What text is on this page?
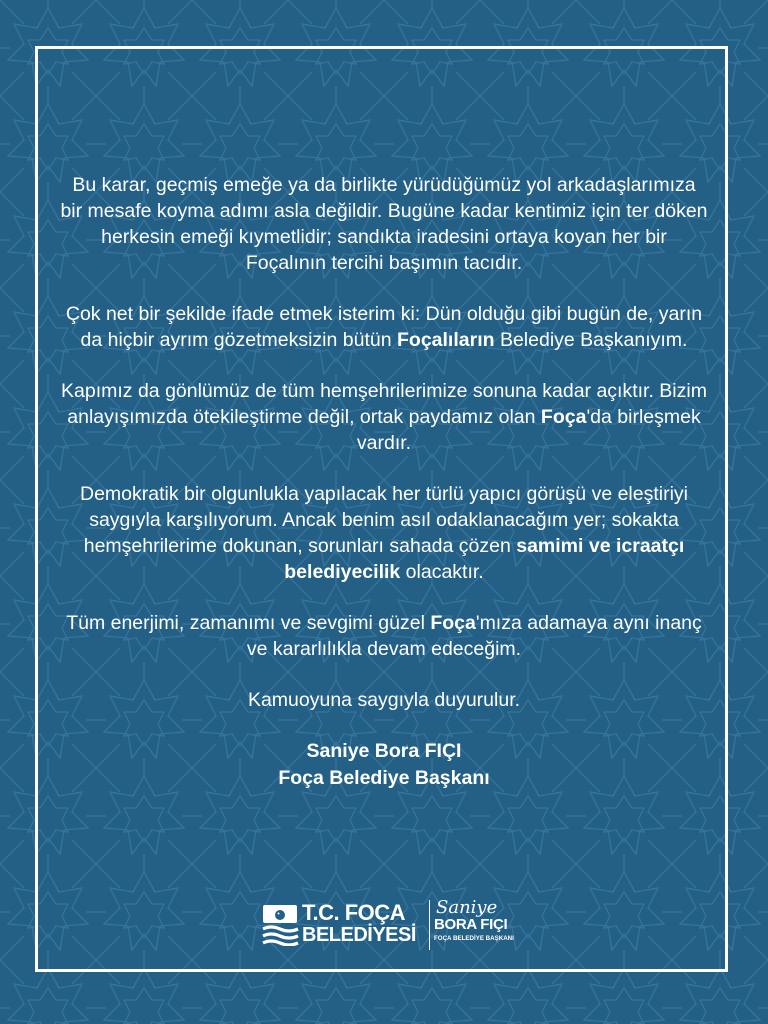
Bu karar, geçmiş emeğe ya da birlikte yürüdüğümüz yol arkadaşlarımıza bir mesafe koyma adımı asla değildir. Bugüne kadar kentimiz için ter döken herkesin emeği kıymetlidir; sandıkta iradesini ortaya koyan her bir Foçalının tercihi başımın tacıdır.

Çok net bir şekilde ifade etmek isterim ki: Dün olduğu gibi bugün de, yarın da hiçbir ayrım gözetmeksizin bütün Foçalıların Belediye Başkanıyım.

Kapımız da gönlümüz de tüm hemşehrilerimize sonuna kadar açıktır. Bizim anlayışımızda ötekileştirme değil, ortak paydamız olan Foça'da birleşmek vardır.

Demokratik bir olgunlukla yapılacak her türlü yapıcı görüşü ve eleştiriyi saygıyla karşılıyorum. Ancak benim asıl odaklanacağım yer; sokakta hemşehrilerime dokunan, sorunları sahada çözen samimi ve icraatçı belediyecilik olacaktır.

Tüm enerjimi, zamanımı ve sevgimi güzel Foça'mıza adamaya aynı inanç ve kararlılıkla devam edeceğim.

Kamuoyuna saygıyla duyurulur.

Saniye Bora FIÇI
Foça Belediye Başkanı
T.C. FOÇA
BELEDİYESİ
Saniye
BORA FIÇI
FOÇA BELEDİYE BAŞKANI
